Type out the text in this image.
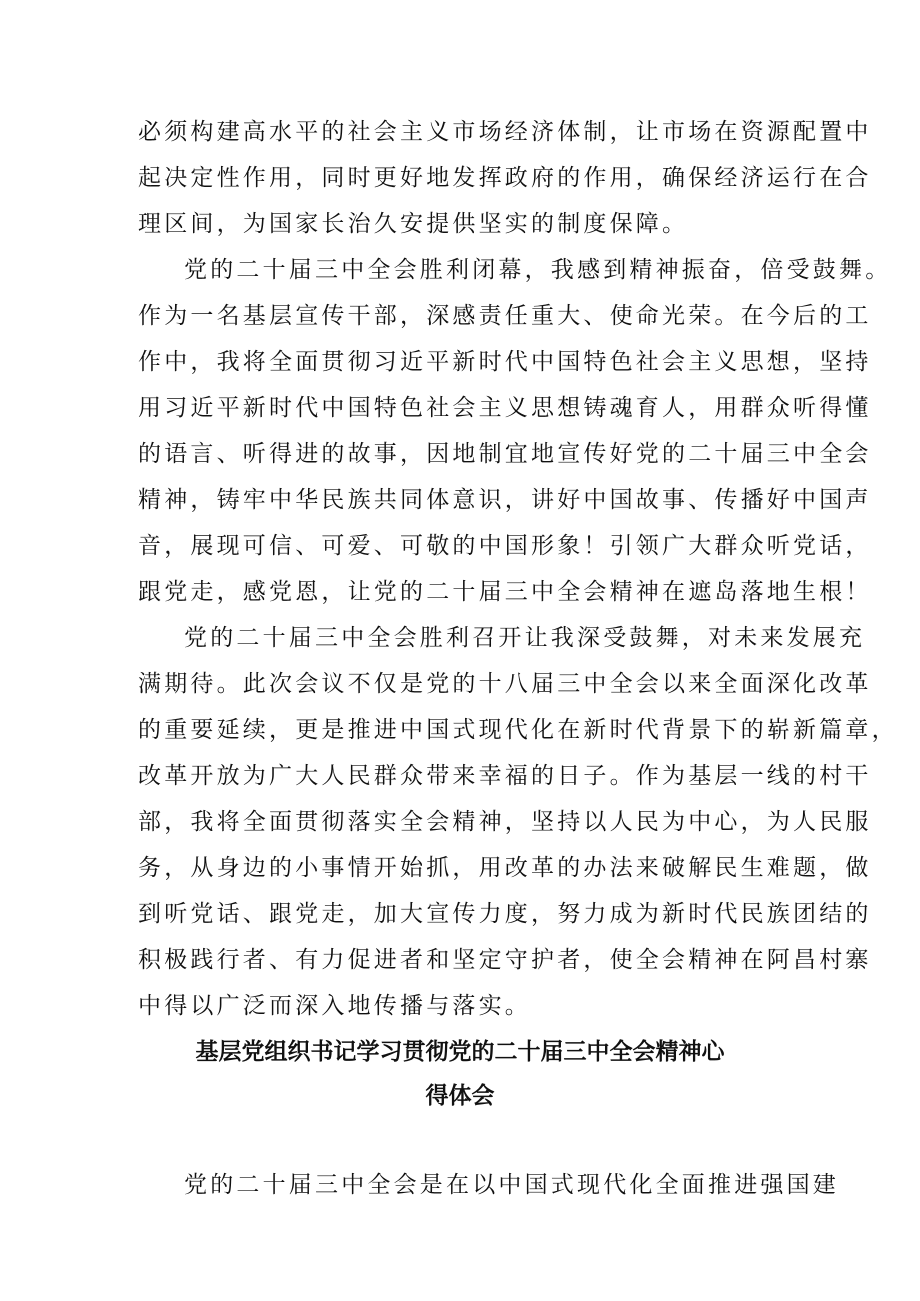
必须构建高水平的社会主义市场经济体制，让市场在资源配置中
起决定性作用，同时更好地发挥政府的作用，确保经济运行在合
理区间，为国家长治久安提供坚实的制度保障。
党的二十届三中全会胜利闭幕，我感到精神振奋，倍受鼓舞。
作为一名基层宣传干部，深感责任重大、使命光荣。在今后的工
作中，我将全面贯彻习近平新时代中国特色社会主义思想，坚持
用习近平新时代中国特色社会主义思想铸魂育人，用群众听得懂
的语言、听得进的故事，因地制宜地宣传好党的二十届三中全会
精神，铸牢中华民族共同体意识，讲好中国故事、传播好中国声
音，展现可信、可爱、可敬的中国形象！引领广大群众听党话，
跟党走，感党恩，让党的二十届三中全会精神在遮岛落地生根！
党的二十届三中全会胜利召开让我深受鼓舞，对未来发展充
满期待。此次会议不仅是党的十八届三中全会以来全面深化改革
的重要延续，更是推进中国式现代化在新时代背景下的崭新篇章，
改革开放为广大人民群众带来幸福的日子。作为基层一线的村干
部，我将全面贯彻落实全会精神，坚持以人民为中心，为人民服
务，从身边的小事情开始抓，用改革的办法来破解民生难题，做
到听党话、跟党走，加大宣传力度，努力成为新时代民族团结的
积极践行者、有力促进者和坚定守护者，使全会精神在阿昌村寨
中得以广泛而深入地传播与落实。
基层党组织书记学习贯彻党的二十届三中全会精神心
得体会
党的二十届三中全会是在以中国式现代化全面推进强国建
